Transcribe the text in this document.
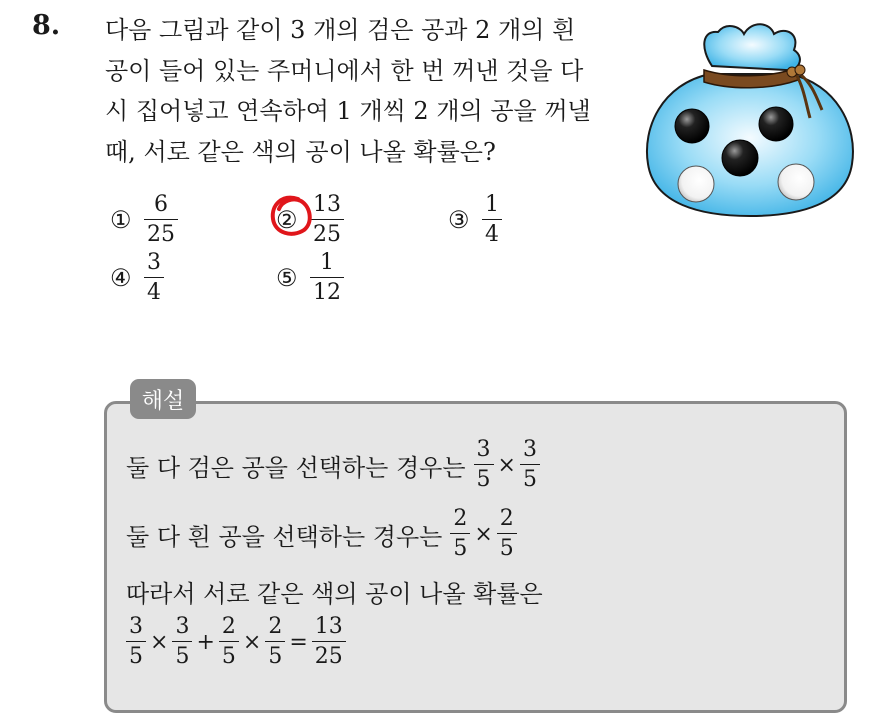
8. 다음 그림과 같이 3 개의 검은 공과 2 개의 흰
공이 들어 있는 주머니에서 한 번 꺼낸 것을 다
시 집어넣고 연속하여 1 개씩 2 개의 공을 꺼낼
때, 서로 같은 색의 공이 나올 확률은?
① $\frac{6}{25}$	② $\frac{13}{25}$	③ $\frac{1}{4}$
④ $\frac{3}{4}$	⑤ $\frac{1}{12}$
해설
둘 다 검은 공을 선택하는 경우는 $\frac{3}{5} \times \frac{3}{5}$
둘 다 흰 공을 선택하는 경우는 $\frac{2}{5} \times \frac{2}{5}$
따라서 서로 같은 색의 공이 나올 확률은
$\frac{3}{5} \times \frac{3}{5} + \frac{2}{5} \times \frac{2}{5} = \frac{13}{25}$
